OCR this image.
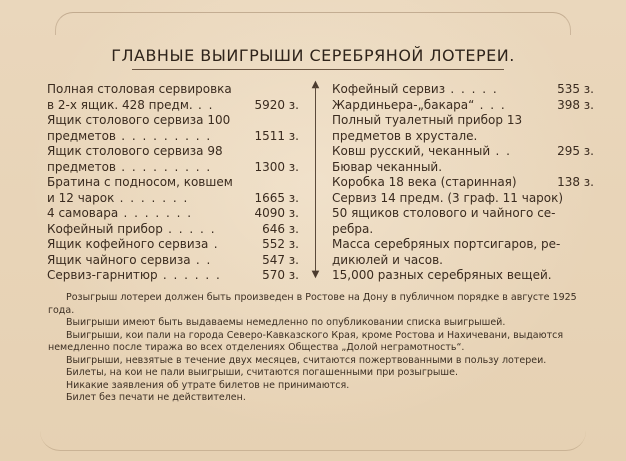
ГЛАВНЫЕ ВЫИГРЫШИ СЕРЕБРЯНОЙ ЛОТЕРЕИ.
Полная столовая сервировка
в 2-х ящик. 428 предм. . .	5920 з.
Ящик столового сервиза 100
предметов . . . . . . . . .	1511 з.
Ящик столового сервиза 98
предметов . . . . . . . . .	1300 з.
Братина с подносом, ковшем
и 12 чарок . . . . . . .	1665 з.
4 самовара . . . . . . .	4090 з.
Кофейный прибор . . . . .	646 з.
Ящик кофейного сервиза .	552 з.
Ящик чайного сервиза . .	547 з.
Сервиз-гарнитюр . . . . . .	570 з.
▲
▼
Кофейный сервиз . . . . .	535 з.
Жардиньера-„бакара“ . . .	398 з.
Полный туалетный прибор 13
предметов в хрустале.
Ковш русский, чеканный . .	295 з.
Бювар чеканный.
Коробка 18 века (старинная)	138 з.
Сервиз 14 предм. (3 граф. 11 чарок)
50 ящиков столового и чайного се-
ребра.
Масса серебряных портсигаров, ре-
дикюлей и часов.
15,000 разных серебряных вещей.

Розыгрыш лотереи должен быть произведен в Ростове на Дону в публичном порядке в августе 1925 года.

Выигрыши имеют быть выдаваемы немедленно по опубликовании списка выигрышей.

Выигрыши, кои пали на города Северо-Кавказского Края, кроме Ростова и Нахичевани, выдаются немедленно после тиража во всех отделениях Общества „Долой неграмотность“.

Выигрыши, невзятые в течение двух месяцев, считаются пожертвованными в пользу лотереи.

Билеты, на кои не пали выигрыши, считаются погашенными при розыгрыше.

Никакие заявления об утрате билетов не принимаются.

Билет без печати не действителен.
